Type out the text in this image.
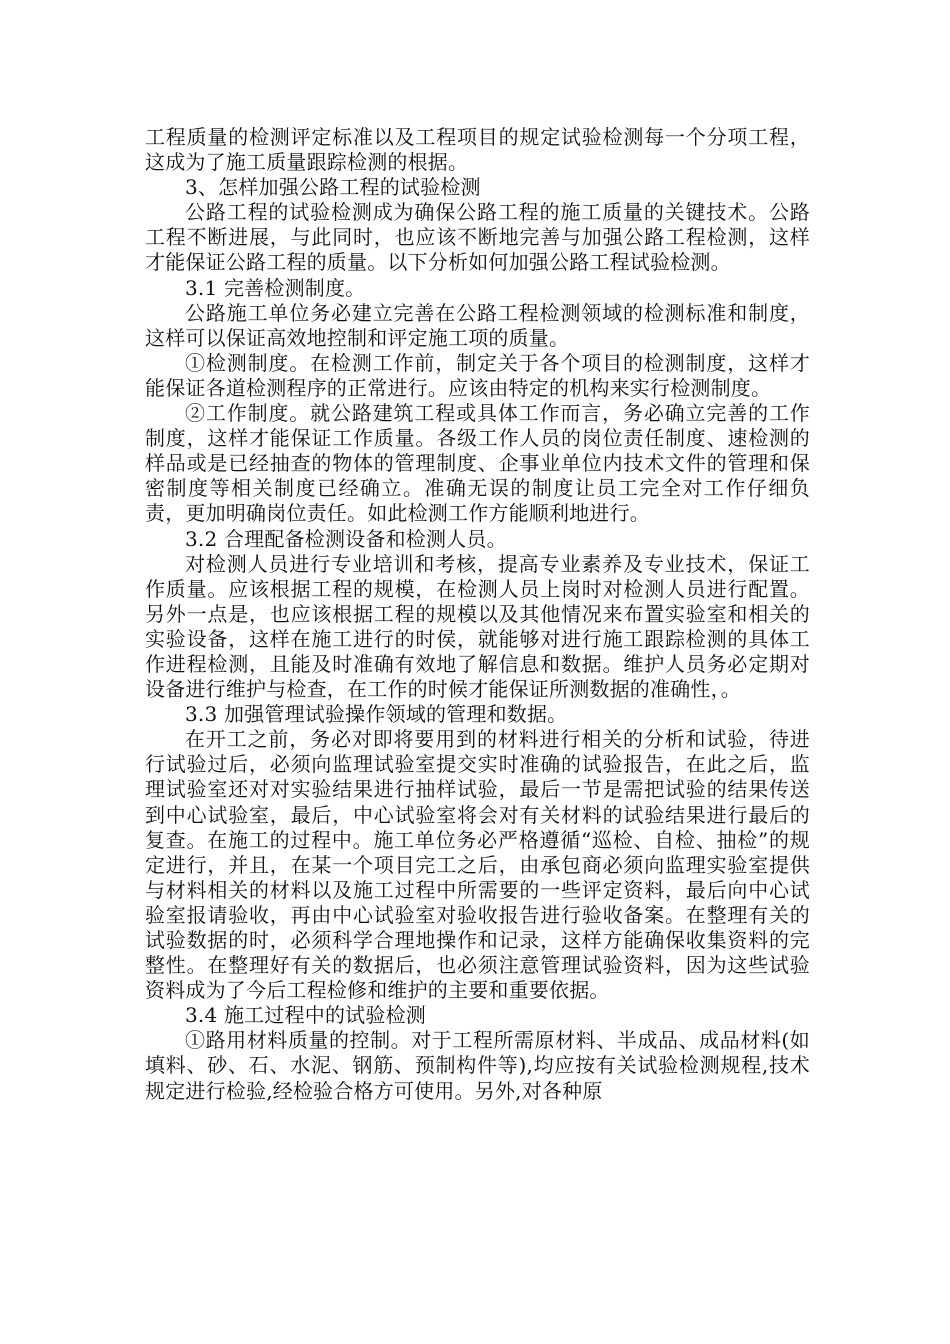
工程质量的检测评定标准以及工程项目的规定试验检测每一个分项工程，这成为了施工质量跟踪检测的根据。

3、怎样加强公路工程的试验检测

公路工程的试验检测成为确保公路工程的施工质量的关键技术。公路工程不断进展，与此同时，也应该不断地完善与加强公路工程检测，这样才能保证公路工程的质量。以下分析如何加强公路工程试验检测。

3.1 完善检测制度。

公路施工单位务必建立完善在公路工程检测领域的检测标准和制度，这样可以保证高效地控制和评定施工项的质量。

①检测制度。在检测工作前，制定关于各个项目的检测制度，这样才能保证各道检测程序的正常进行。应该由特定的机构来实行检测制度。

②工作制度。就公路建筑工程或具体工作而言，务必确立完善的工作制度，这样才能保证工作质量。各级工作人员的岗位责任制度、速检测的样品或是已经抽查的物体的管理制度、企事业单位内技术文件的管理和保密制度等相关制度已经确立。准确无误的制度让员工完全对工作仔细负责，更加明确岗位责任。如此检测工作方能顺利地进行。

3.2 合理配备检测设备和检测人员。

对检测人员进行专业培训和考核，提高专业素养及专业技术，保证工作质量。应该根据工程的规模，在检测人员上岗时对检测人员进行配置。另外一点是，也应该根据工程的规模以及其他情况来布置实验室和相关的实验设备，这样在施工进行的时侯，就能够对进行施工跟踪检测的具体工作进程检测，且能及时准确有效地了解信息和数据。维护人员务必定期对设备进行维护与检查，在工作的时候才能保证所测数据的准确性，。

3.3 加强管理试验操作领域的管理和数据。

在开工之前，务必对即将要用到的材料进行相关的分析和试验，待进行试验过后，必须向监理试验室提交实时准确的试验报告，在此之后，监理试验室还对对实验结果进行抽样试验，最后一节是需把试验的结果传送到中心试验室，最后，中心试验室将会对有关材料的试验结果进行最后的复查。在施工的过程中。施工单位务必严格遵循“巡检、自检、抽检”的规定进行，并且，在某一个项目完工之后，由承包商必须向监理实验室提供与材料相关的材料以及施工过程中所需要的一些评定资料，最后向中心试验室报请验收，再由中心试验室对验收报告进行验收备案。在整理有关的试验数据的时，必须科学合理地操作和记录，这样方能确保收集资料的完整性。在整理好有关的数据后，也必须注意管理试验资料，因为这些试验资料成为了今后工程检修和维护的主要和重要依据。

3.4 施工过程中的试验检测

①路用材料质量的控制。对于工程所需原材料、半成品、成品材料(如填料、砂、石、水泥、钢筋、预制构件等),均应按有关试验检测规程,技术规定进行检验,经检验合格方可使用。另外,对各种原
